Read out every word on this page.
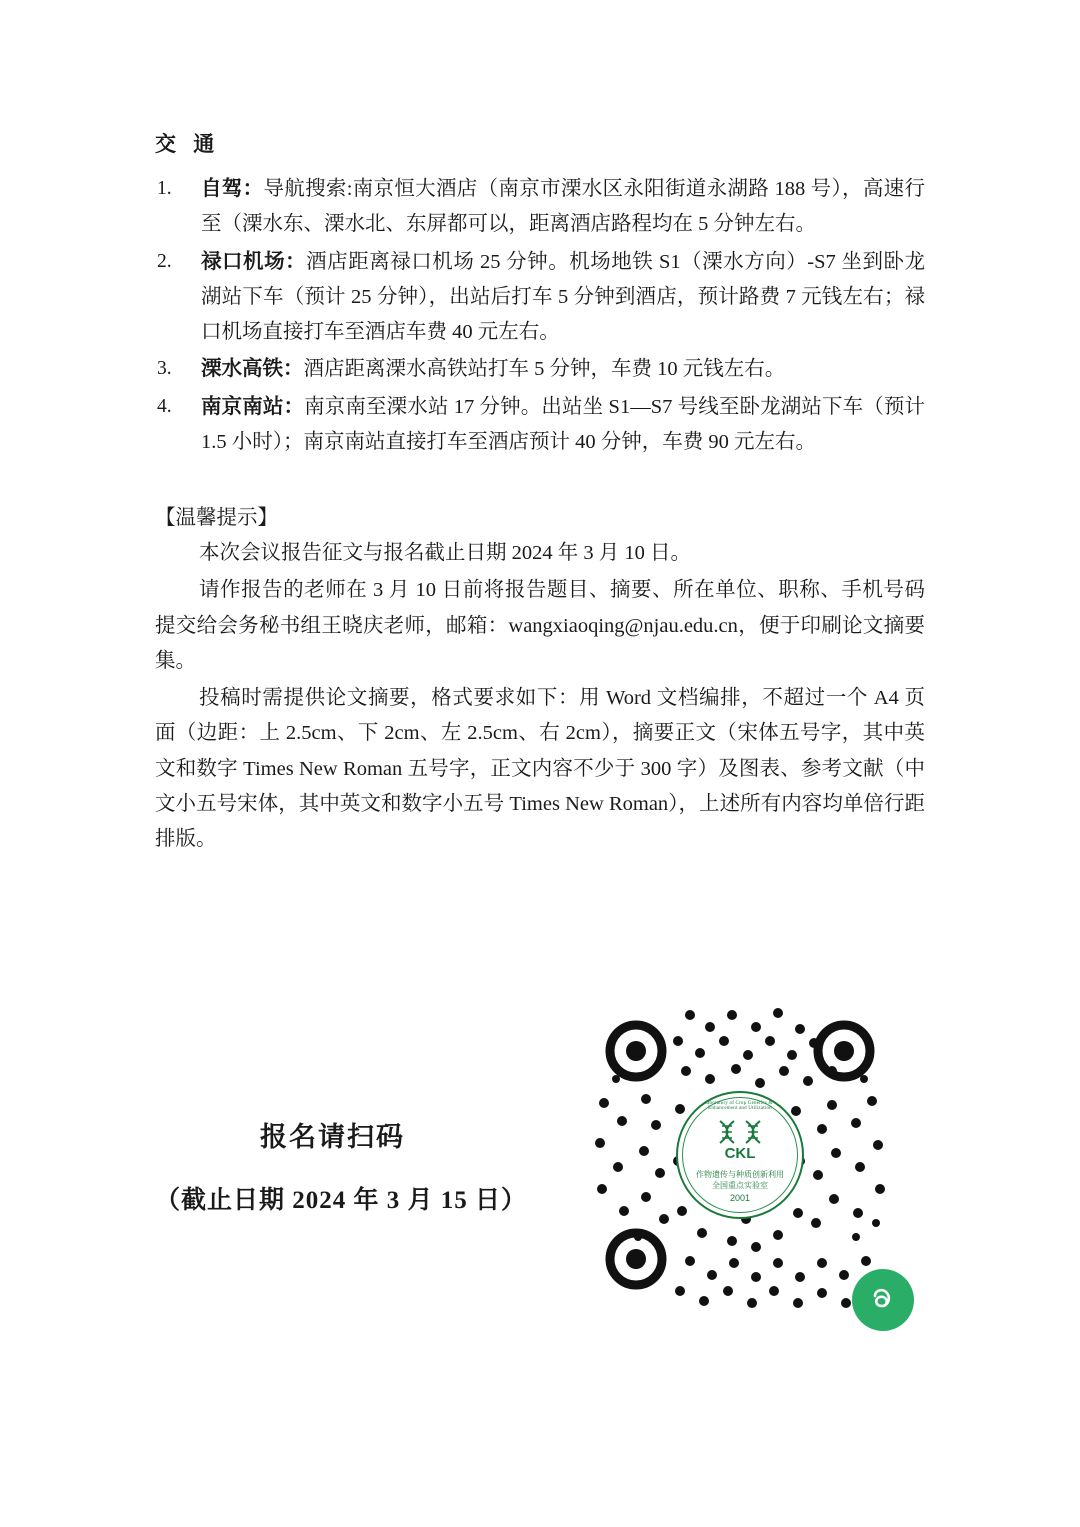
交 通
1. 自驾：导航搜索:南京恒大酒店（南京市溧水区永阳街道永湖路 188 号），高速行至（溧水东、溧水北、东屏都可以，距离酒店路程均在 5 分钟左右。
2. 禄口机场：酒店距离禄口机场 25 分钟。机场地铁 S1（溧水方向）-S7 坐到卧龙湖站下车（预计 25 分钟），出站后打车 5 分钟到酒店，预计路费 7 元钱左右；禄口机场直接打车至酒店车费 40 元左右。
3. 溧水高铁：酒店距离溧水高铁站打车 5 分钟，车费 10 元钱左右。
4. 南京南站：南京南至溧水站 17 分钟。出站坐 S1—S7 号线至卧龙湖站下车（预计 1.5 小时）；南京南站直接打车至酒店预计 40 分钟，车费 90 元左右。
【温馨提示】

本次会议报告征文与报名截止日期 2024 年 3 月 10 日。

请作报告的老师在 3 月 10 日前将报告题目、摘要、所在单位、职称、手机号码提交给会务秘书组王晓庆老师，邮箱：wangxiaoqing@njau.edu.cn，便于印刷论文摘要集。

投稿时需提供论文摘要，格式要求如下：用 Word 文档编排，不超过一个 A4 页面（边距：上 2.5cm、下 2cm、左 2.5cm、右 2cm），摘要正文（宋体五号字，其中英文和数字 Times New Roman 五号字，正文内容不少于 300 字）及图表、参考文献（中文小五号宋体，其中英文和数字小五号 Times New Roman），上述所有内容均单倍行距排版。

报名请扫码
（截止日期 2024 年 3 月 15 日）
State Key Laboratory of Crop Genetics & Germplasm Enhancement and Utilization
CKL
作物遗传与种质创新利用
全国重点实验室
2001
